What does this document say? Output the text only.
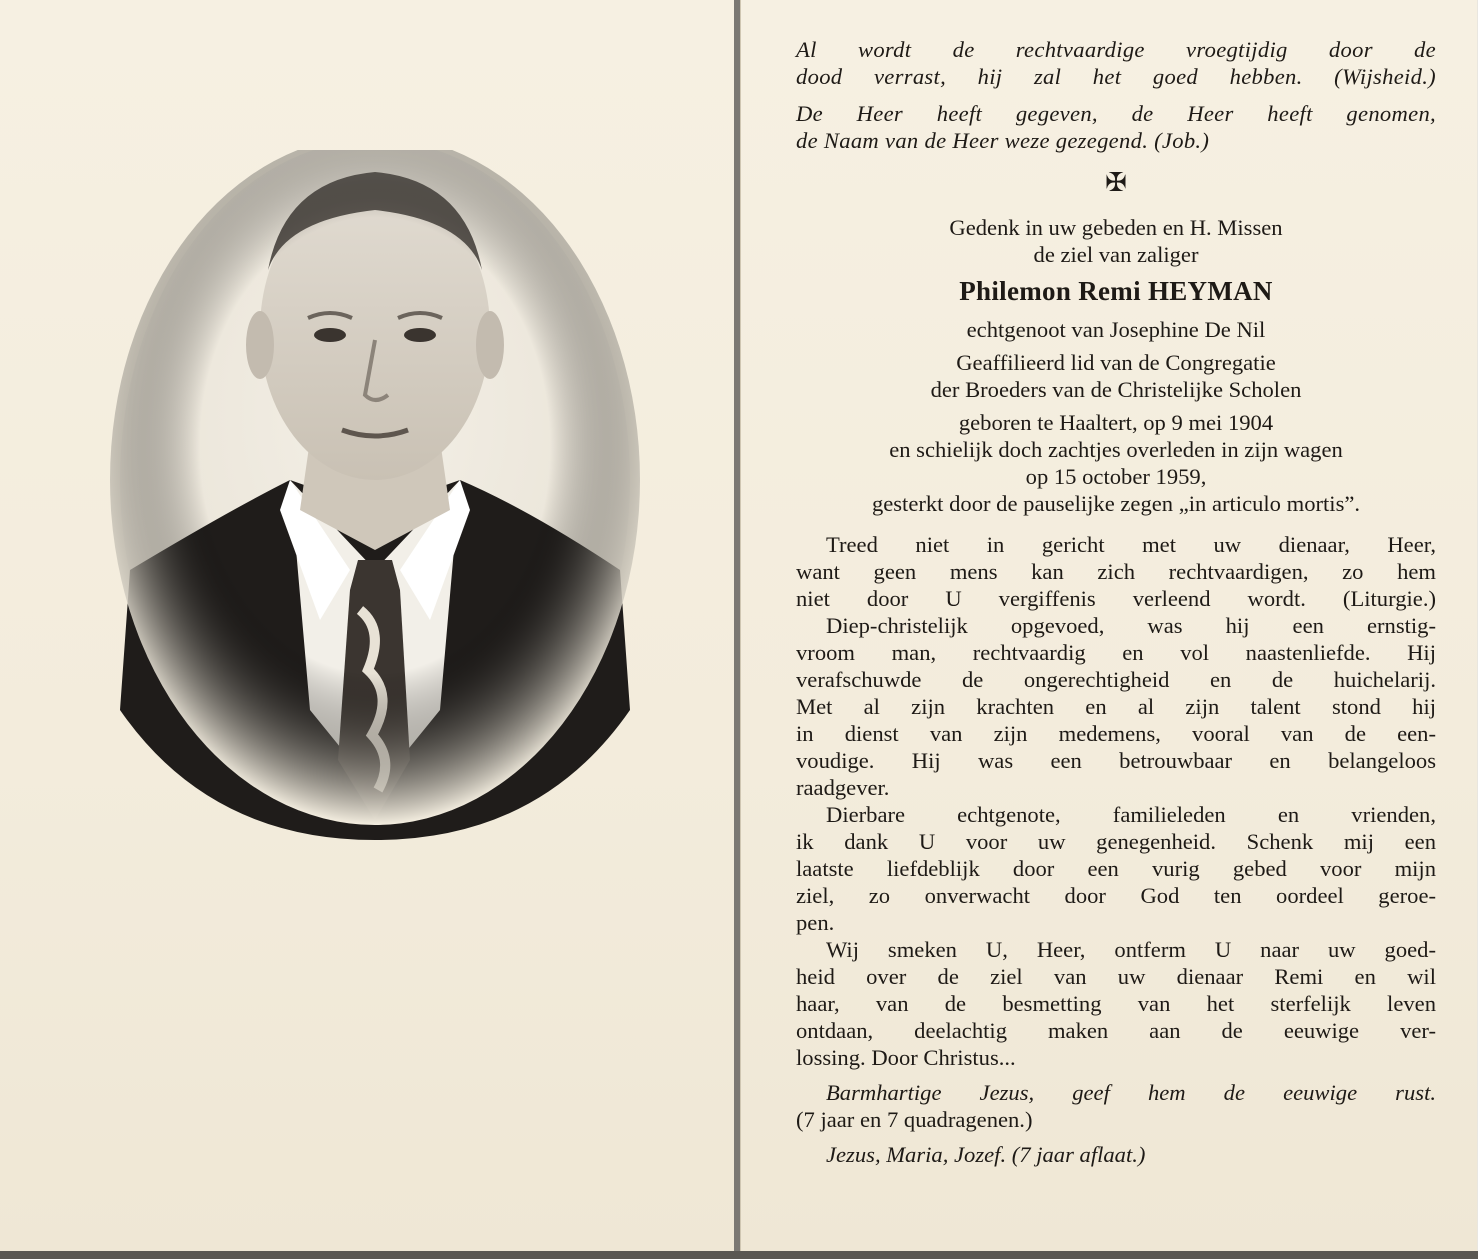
Al wordt de rechtvaardige vroegtijdig door de

dood verrast, hij zal het goed hebben. (Wijsheid.)

De Heer heeft gegeven, de Heer heeft genomen,

de Naam van de Heer weze gezegend. (Job.)

✠

Gedenk in uw gebeden en H. Missen

de ziel van zaliger

Philemon Remi HEYMAN

echtgenoot van Josephine De Nil

Geaffilieerd lid van de Congregatie

der Broeders van de Christelijke Scholen

geboren te Haaltert, op 9 mei 1904

en schielijk doch zachtjes overleden in zijn wagen

op 15 october 1959,

gesterkt door de pauselijke zegen „in articulo mortis”.

Treed niet in gericht met uw dienaar, Heer,

want geen mens kan zich rechtvaardigen, zo hem

niet door U vergiffenis verleend wordt. (Liturgie.)

Diep-christelijk opgevoed, was hij een ernstig-

vroom man, rechtvaardig en vol naastenliefde. Hij

verafschuwde de ongerechtigheid en de huichelarij.

Met al zijn krachten en al zijn talent stond hij

in dienst van zijn medemens, vooral van de een-

voudige. Hij was een betrouwbaar en belangeloos

raadgever.

Dierbare echtgenote, familieleden en vrienden,

ik dank U voor uw genegenheid. Schenk mij een

laatste liefdeblijk door een vurig gebed voor mijn

ziel, zo onverwacht door God ten oordeel geroe-

pen.

Wij smeken U, Heer, ontferm U naar uw goed-

heid over de ziel van uw dienaar Remi en wil

haar, van de besmetting van het sterfelijk leven

ontdaan, deelachtig maken aan de eeuwige ver-

lossing. Door Christus...

Barmhartige Jezus, geef hem de eeuwige rust.

(7 jaar en 7 quadragenen.)

Jezus, Maria, Jozef. (7 jaar aflaat.)
